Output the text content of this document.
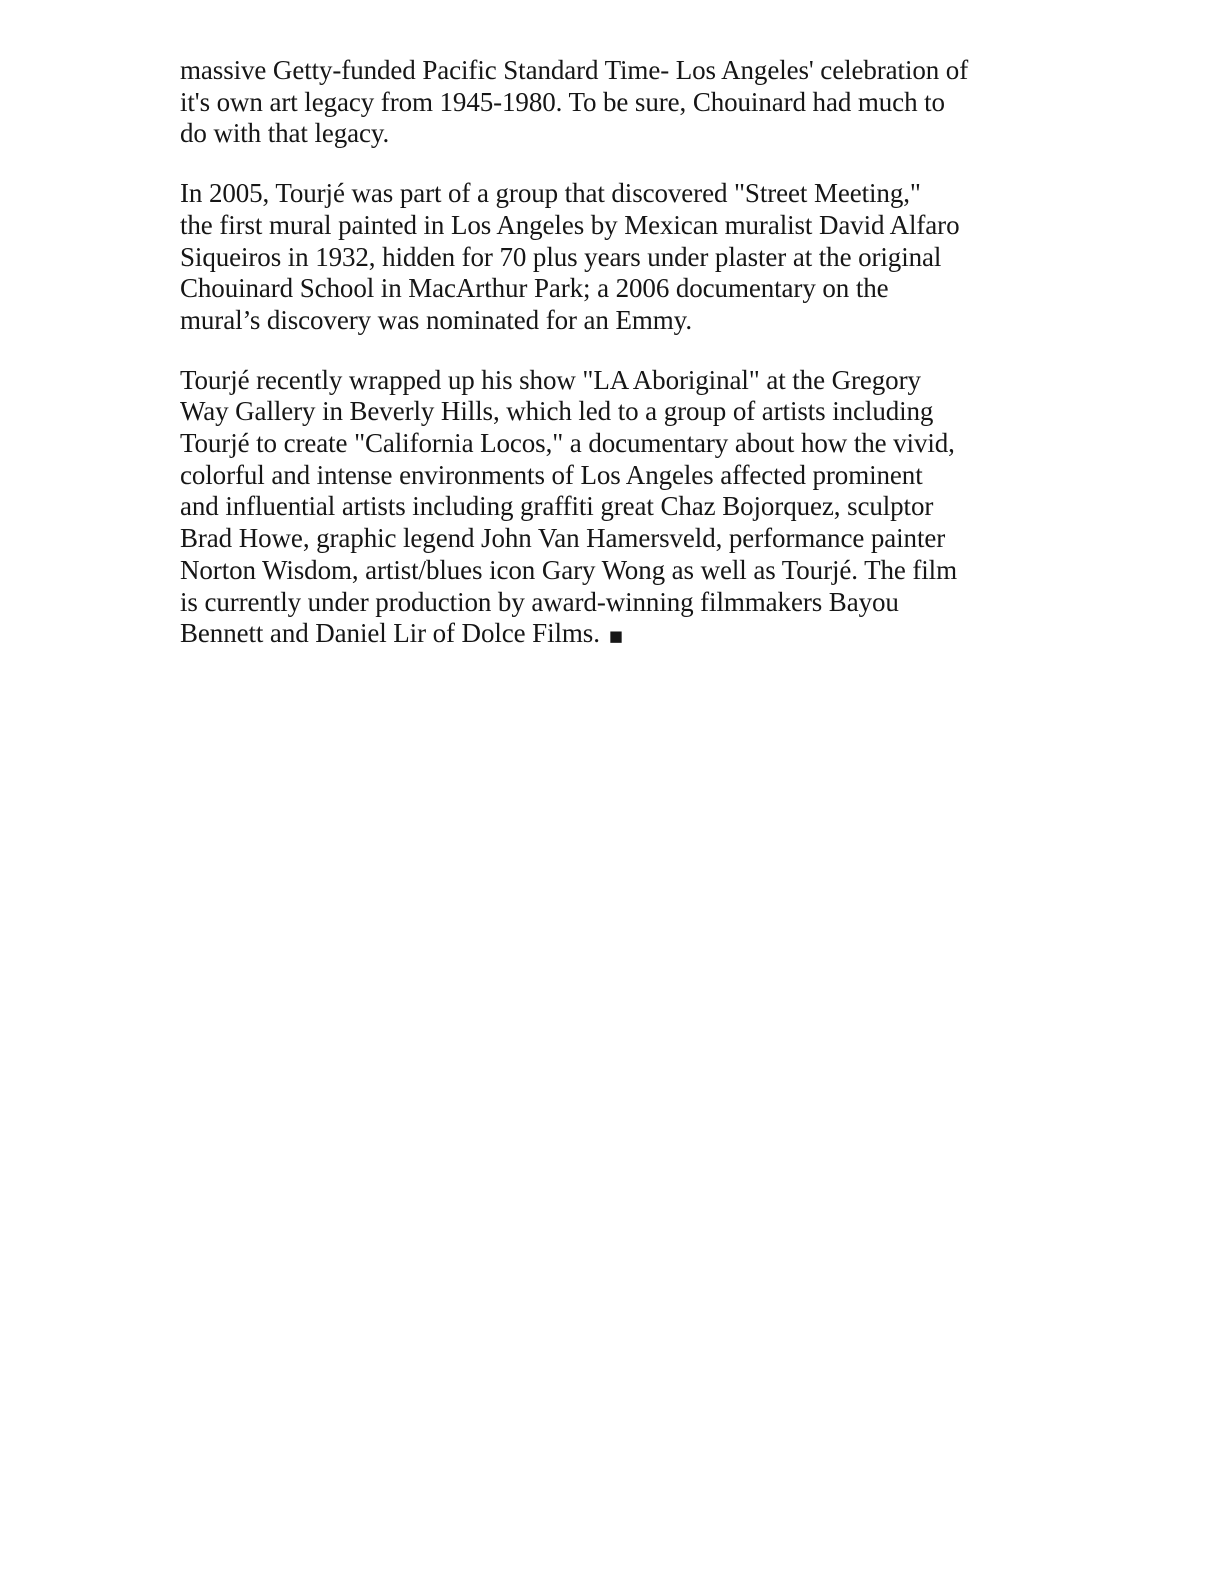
massive Getty-funded Pacific Standard Time- Los Angeles' celebration of
it's own art legacy from 1945-1980. To be sure, Chouinard had much to
do with that legacy.

In 2005, Tourjé was part of a group that discovered "Street Meeting,"
the first mural painted in Los Angeles by Mexican muralist David Alfaro
Siqueiros in 1932, hidden for 70 plus years under plaster at the original
Chouinard School in MacArthur Park; a 2006 documentary on the
mural’s discovery was nominated for an Emmy.

Tourjé recently wrapped up his show "LA Aboriginal" at the Gregory
Way Gallery in Beverly Hills, which led to a group of artists including
Tourjé to create "California Locos," a documentary about how the vivid,
colorful and intense environments of Los Angeles affected prominent
and influential artists including graffiti great Chaz Bojorquez, sculptor
Brad Howe, graphic legend John Van Hamersveld, performance painter
Norton Wisdom, artist/blues icon Gary Wong as well as Tourjé. The film
is currently under production by award-winning filmmakers Bayou
Bennett and Daniel Lir of Dolce Films. ■
